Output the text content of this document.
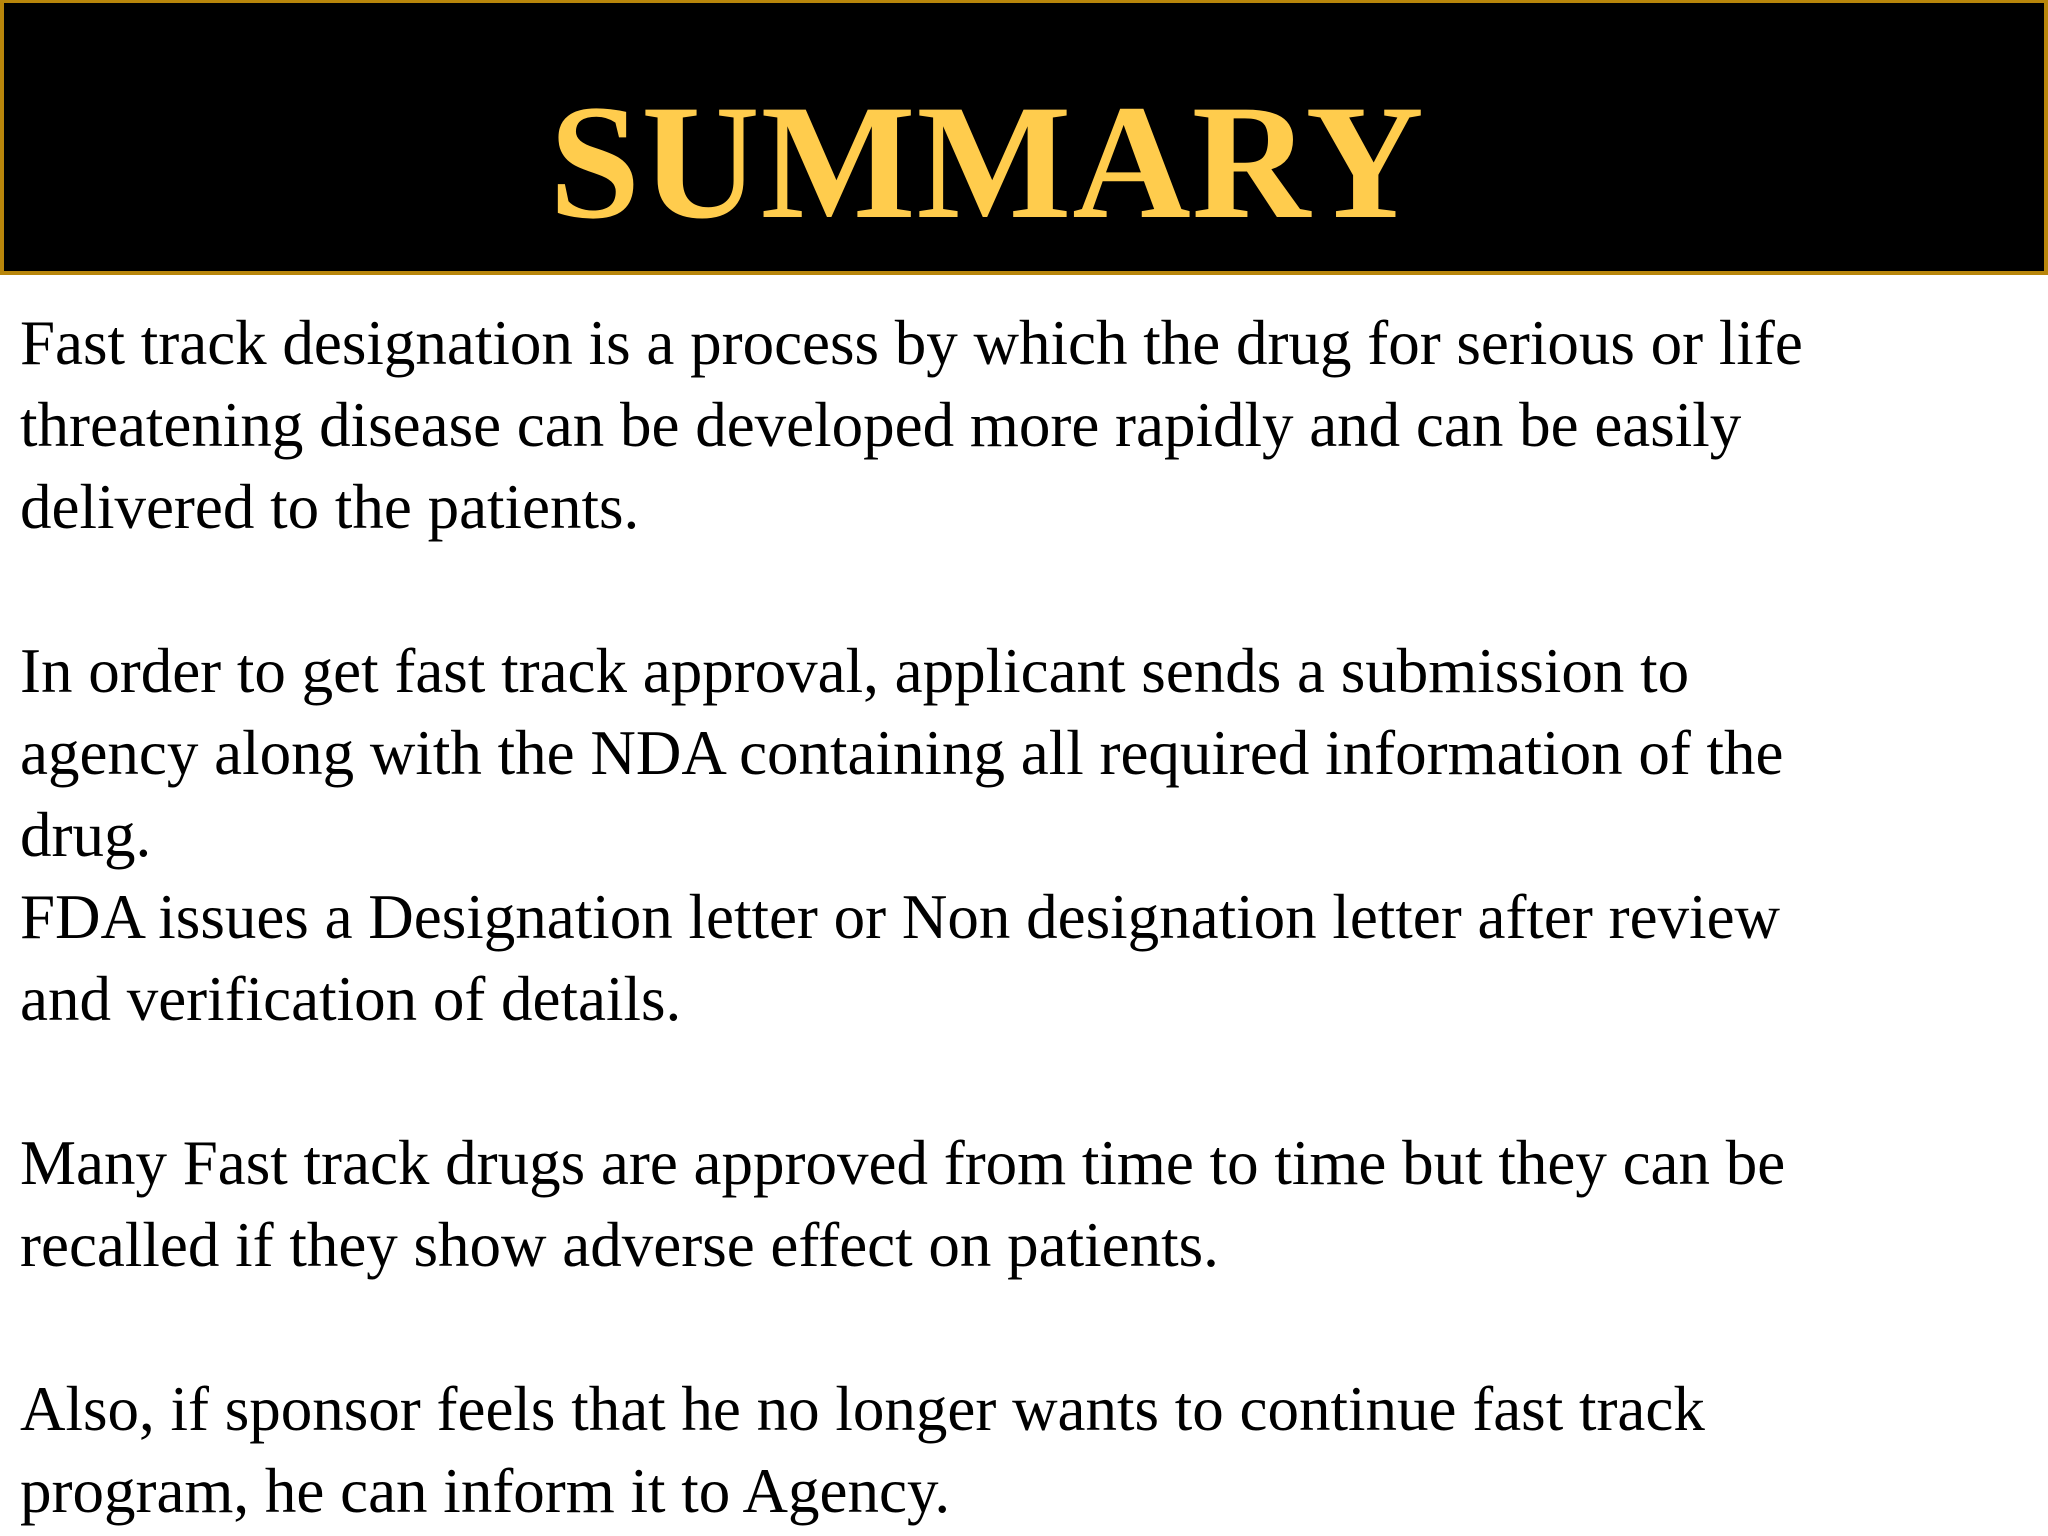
SUMMARY

Fast track designation is a process by which the drug for serious or life
threatening disease can be developed more rapidly and can be easily
delivered to the patients.

In order to get fast track approval, applicant sends a submission to
agency along with the NDA containing all required information of the
drug.

FDA issues a Designation letter or Non designation letter after review
and verification of details.

Many Fast track drugs are approved from time to time but they can be
recalled if they show adverse effect on patients.

Also, if sponsor feels that he no longer wants to continue fast track
program, he can inform it to Agency.
